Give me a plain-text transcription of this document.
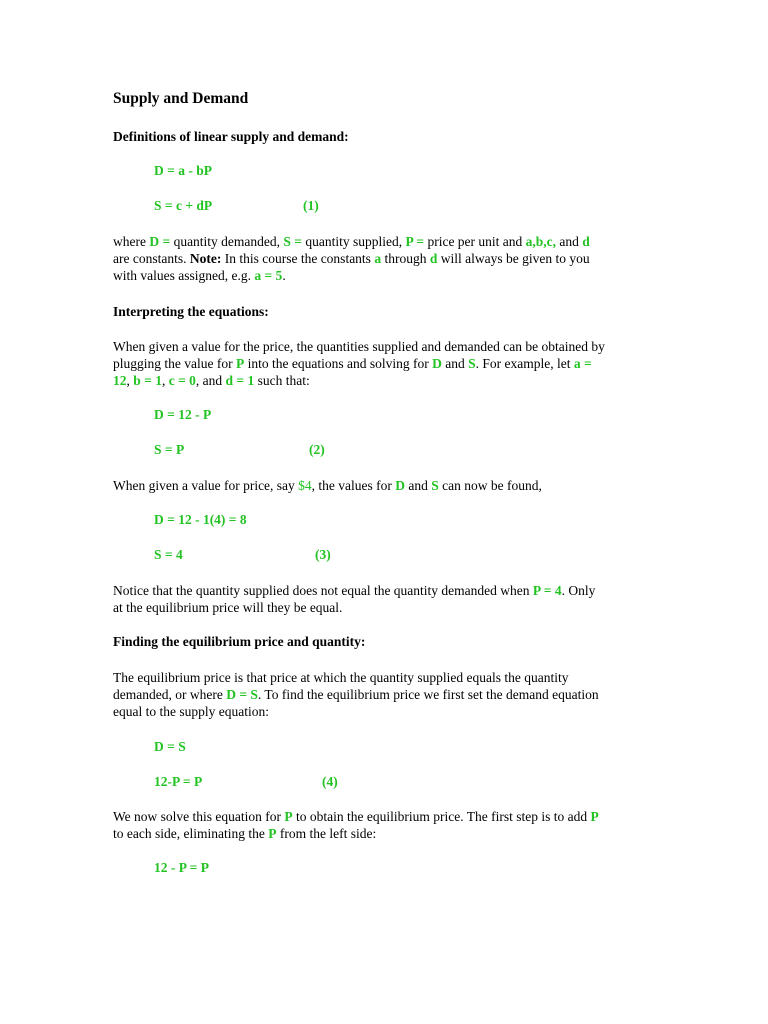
Supply and Demand
Definitions of linear supply and demand:
D = a - bP
S = c + dP	(1)
where D = quantity demanded, S = quantity supplied, P = price per unit and a,b,c, and d
are constants. Note: In this course the constants a through d will always be given to you
with values assigned, e.g. a = 5.
Interpreting the equations:
When given a value for the price, the quantities supplied and demanded can be obtained by
plugging the value for P into the equations and solving for D and S. For example, let a =
12, b = 1, c = 0, and d = 1 such that:
D = 12 - P
S = P	(2)
When given a value for price, say $4, the values for D and S can now be found,
D = 12 - 1(4) = 8
S = 4	(3)
Notice that the quantity supplied does not equal the quantity demanded when P = 4. Only
at the equilibrium price will they be equal.
Finding the equilibrium price and quantity:
The equilibrium price is that price at which the quantity supplied equals the quantity
demanded, or where D = S. To find the equilibrium price we first set the demand equation
equal to the supply equation:
D = S
12-P = P	(4)
We now solve this equation for P to obtain the equilibrium price. The first step is to add P
to each side, eliminating the P from the left side:
12 - P = P
